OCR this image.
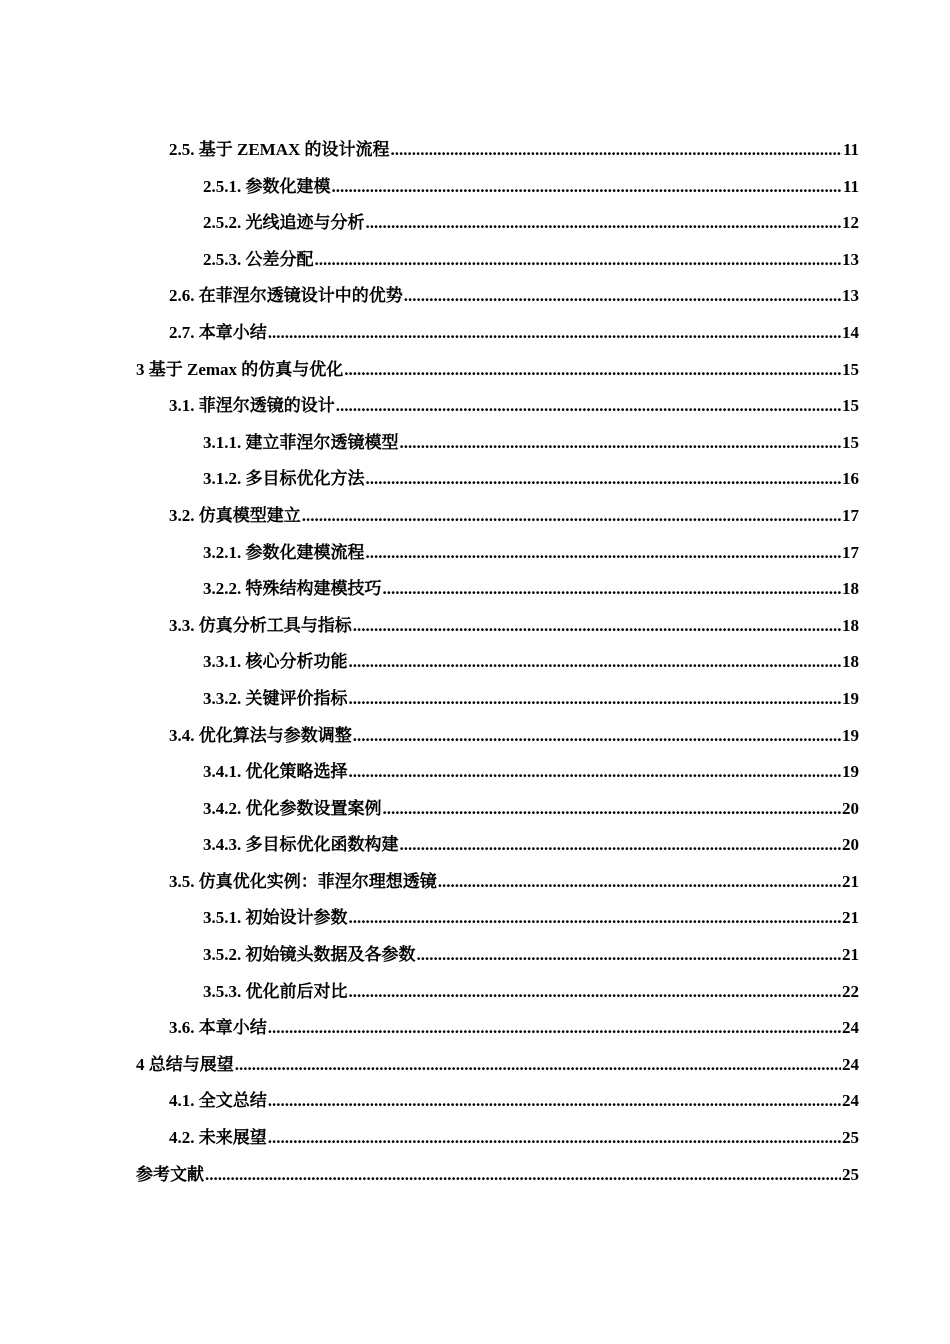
2.5. 基于 ZEMAX 的设计流程 .....	11
2.5.1. 参数化建模 .....	11
2.5.2. 光线追迹与分析 .....	12
2.5.3. 公差分配 .....	13
2.6. 在菲涅尔透镜设计中的优势 .....	13
2.7. 本章小结 .....	14
3 基于 Zemax 的仿真与优化 .....	15
3.1. 菲涅尔透镜的设计 .....	15
3.1.1. 建立菲涅尔透镜模型 .....	15
3.1.2. 多目标优化方法 .....	16
3.2. 仿真模型建立 .....	17
3.2.1. 参数化建模流程 .....	17
3.2.2. 特殊结构建模技巧 .....	18
3.3. 仿真分析工具与指标 .....	18
3.3.1. 核心分析功能 .....	18
3.3.2. 关键评价指标 .....	19
3.4. 优化算法与参数调整 .....	19
3.4.1. 优化策略选择 .....	19
3.4.2. 优化参数设置案例 .....	20
3.4.3. 多目标优化函数构建 .....	20
3.5. 仿真优化实例：菲涅尔理想透镜 .....	21
3.5.1. 初始设计参数 .....	21
3.5.2. 初始镜头数据及各参数 .....	21
3.5.3. 优化前后对比 .....	22
3.6. 本章小结 .....	24
4 总结与展望 .....	24
4.1. 全文总结 .....	24
4.2. 未来展望 .....	25
参考文献 .....	25
